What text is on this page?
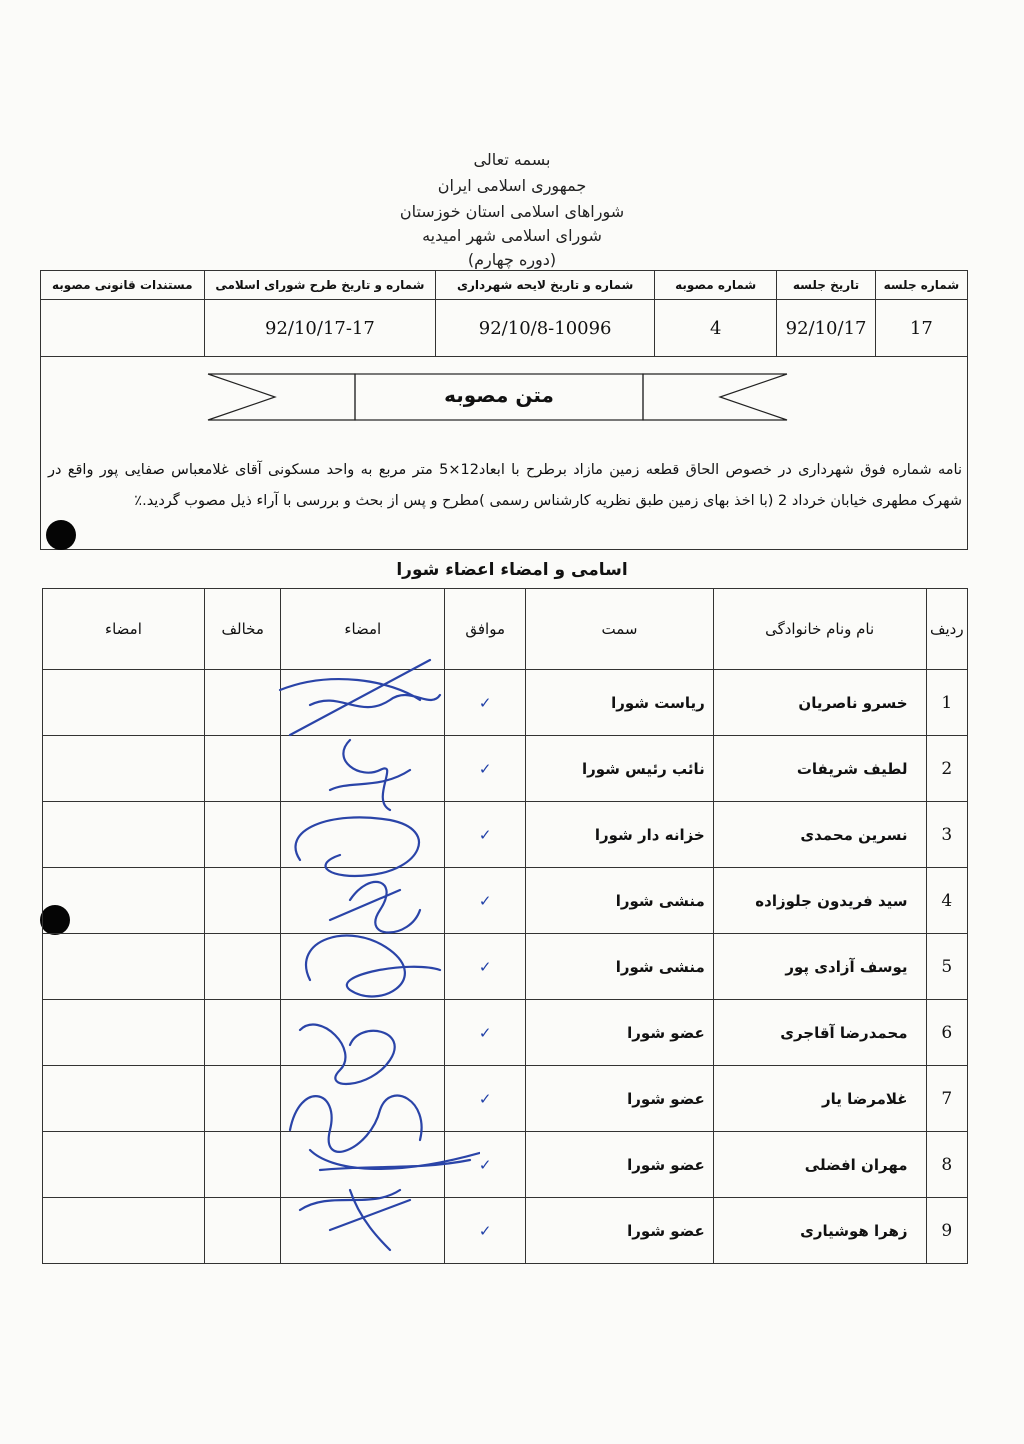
بسمه تعالی
جمهوری اسلامی ایران
شوراهای اسلامی استان خوزستان
شورای اسلامی شهر امیدیه
(دوره چهارم)
شماره جلسه	تاریخ جلسه	شماره مصوبه	شماره و تاریخ لایحه شهرداری	شماره و تاریخ طرح شورای اسلامی	مستندات قانونی مصوبه
17	92/10/17	4	92/10/8-10096	92/10/17-17	
متن مصوبه
نامه شماره فوق شهرداری در خصوص الحاق قطعه زمین مازاد برطرح با ابعاد12×5 متر مربع به واحد مسکونی آقای غلامعباس صفایی پور واقع در شهرک مطهری خیابان خرداد 2 (با اخذ بهای زمین طبق نظریه کارشناس رسمی )مطرح و پس از بحث و بررسی با آراء ذیل مصوب گردید.٪
اسامی و امضاء اعضاء شورا
ردیف	نام ونام خانوادگی	سمت	موافق	امضاء	مخالف	امضاء
1	خسرو ناصریان	ریاست شورا	✓			
2	لطیف شریفات	نائب رئیس شورا	✓			
3	نسرین محمدی	خزانه دار شورا	✓			
4	سید فریدون جلوزاده	منشی شورا	✓			
5	یوسف آزادی پور	منشی شورا	✓			
6	محمدرضا آقاجری	عضو شورا	✓			
7	غلامرضا یار	عضو شورا	✓			
8	مهران افضلی	عضو شورا	✓			
9	زهرا هوشیاری	عضو شورا	✓			
